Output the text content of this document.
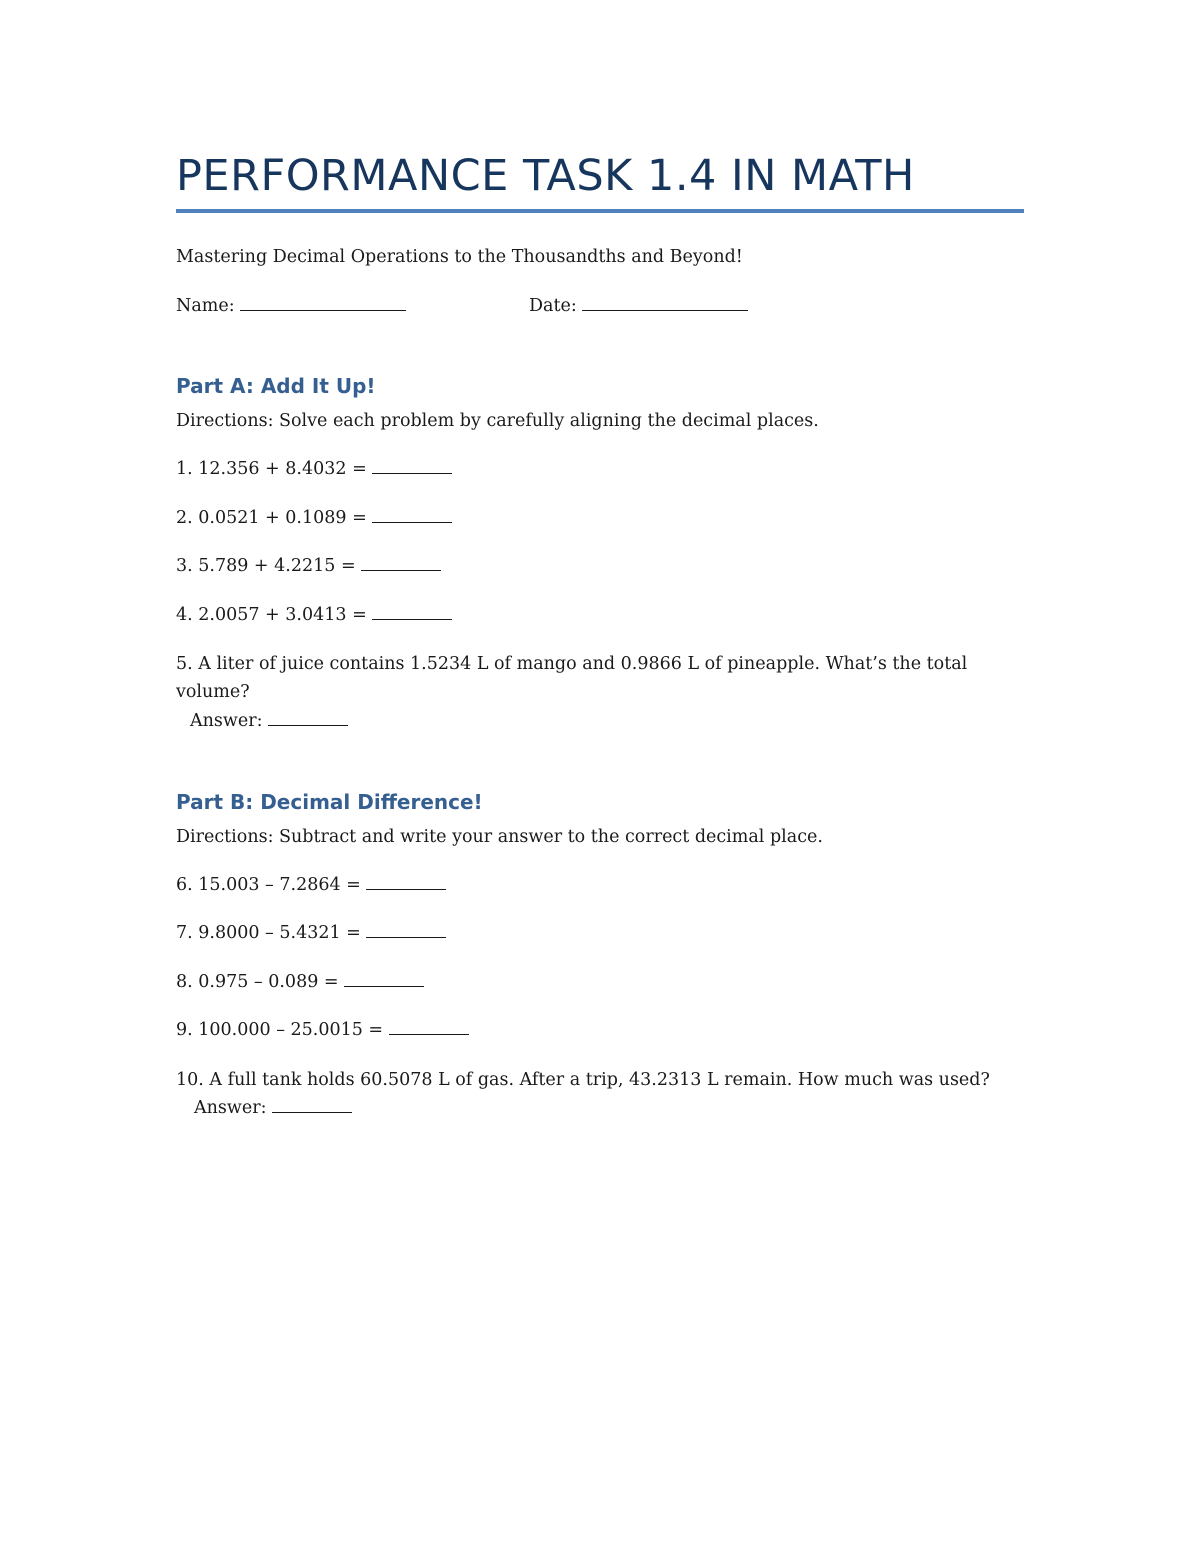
PERFORMANCE TASK 1.4 IN MATH
Mastering Decimal Operations to the Thousandths and Beyond!
Name:	Date:
Part A: Add It Up!
Directions: Solve each problem by carefully aligning the decimal places.
1. 12.356 + 8.4032 =
2. 0.0521 + 0.1089 =
3. 5.789 + 4.2215 =
4. 2.0057 + 3.0413 =
5. A liter of juice contains 1.5234 L of mango and 0.9866 L of pineapple. What’s the total
volume?
Answer:
Part B: Decimal Difference!
Directions: Subtract and write your answer to the correct decimal place.
6. 15.003 – 7.2864 =
7. 9.8000 – 5.4321 =
8. 0.975 – 0.089 =
9. 100.000 – 25.0015 =
10. A full tank holds 60.5078 L of gas. After a trip, 43.2313 L remain. How much was used?
Answer:
